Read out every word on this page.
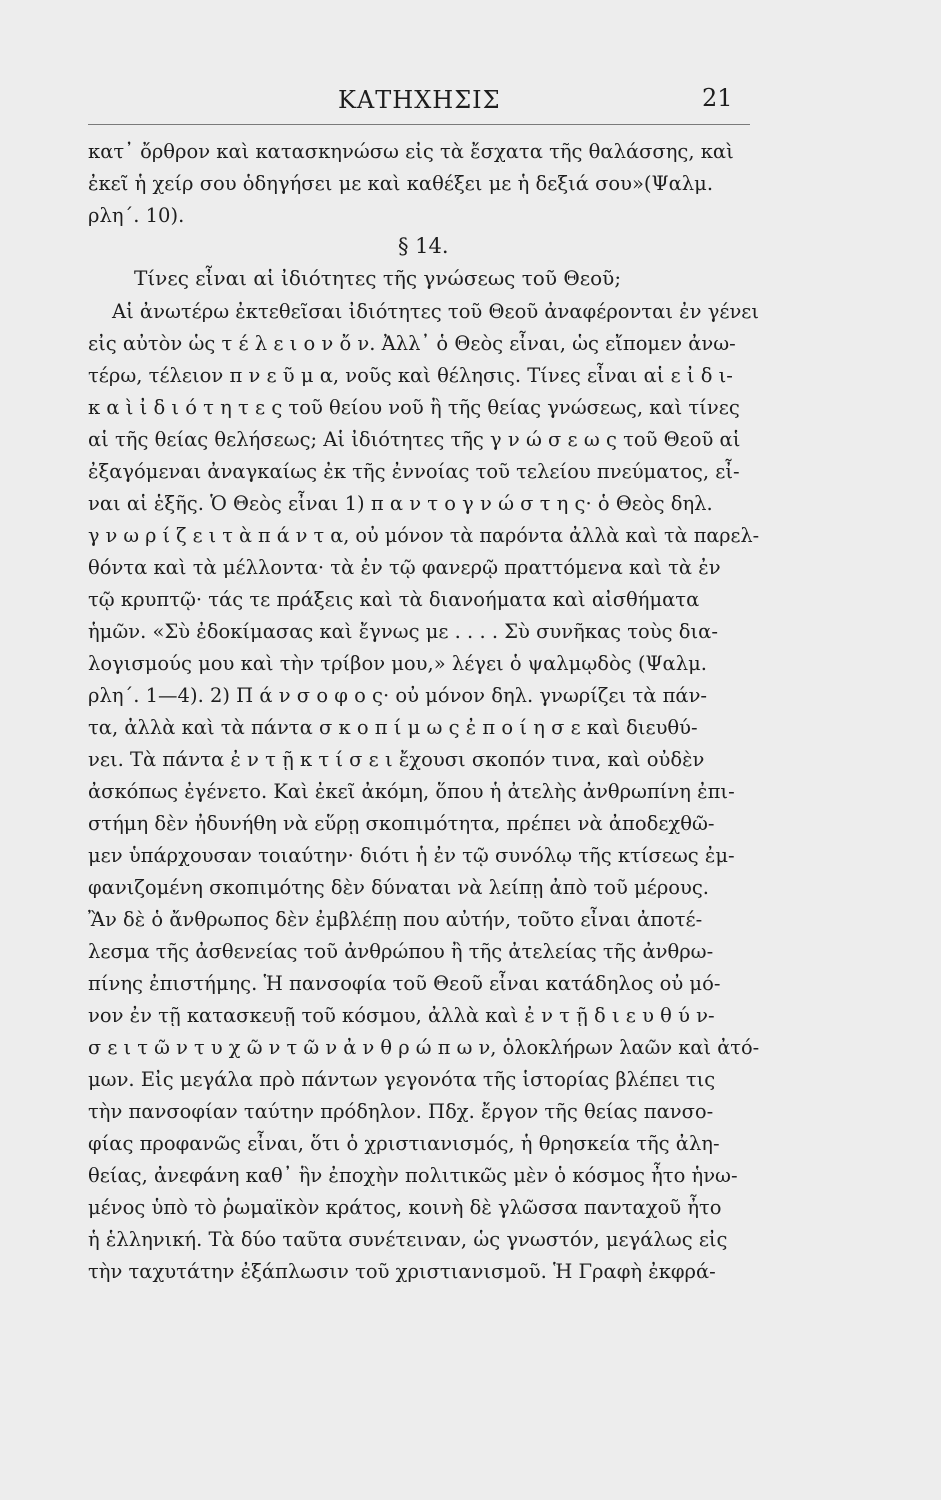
ΚΑΤΗΧΗΣΙΣ	21

κατ᾽ ὄρθρον καὶ κατασκηνώσω εἰς τὰ ἔσχατα τῆς θαλάσσης, καὶ

ἐκεῖ ἡ χείρ σου ὁδηγήσει με καὶ καθέξει με ἡ δεξιά σου»(Ψαλμ.

ρλη΄. 10).

§ 14.

Τίνες εἶναι αἱ ἰδιότητες τῆς γνώσεως τοῦ Θεοῦ;

Αἱ ἀνωτέρω ἐκτεθεῖσαι ἰδιότητες τοῦ Θεοῦ ἀναφέρονται ἐν γένει

εἰς αὐτὸν ὡς τ έ λ ε ι ο ν ὄ ν. Ἀλλ᾽ ὁ Θεὸς εἶναι, ὡς εἴπομεν ἀνω-

τέρω, τέλειον π ν ε ῦ μ α, νοῦς καὶ θέλησις. Τίνες εἶναι αἱ ε ἰ δ ι-

κ α ὶ ἰ δ ι ό τ η τ ε ς τοῦ θείου νοῦ ἢ τῆς θείας γνώσεως, καὶ τίνες

αἱ τῆς θείας θελήσεως; Αἱ ἰδιότητες τῆς γ ν ώ σ ε ω ς τοῦ Θεοῦ αἱ

ἐξαγόμεναι ἀναγκαίως ἐκ τῆς ἐννοίας τοῦ τελείου πνεύματος, εἶ-

ναι αἱ ἑξῆς. Ὁ Θεὸς εἶναι 1) π α ν τ ο γ ν ώ σ τ η ς· ὁ Θεὸς δηλ.

γ ν ω ρ ί ζ ε ι τ ὰ π ά ν τ α, οὐ μόνον τὰ παρόντα ἀλλὰ καὶ τὰ παρελ-

θόντα καὶ τὰ μέλλοντα· τὰ ἐν τῷ φανερῷ πραττόμενα καὶ τὰ ἐν

τῷ κρυπτῷ· τάς τε πράξεις καὶ τὰ διανοήματα καὶ αἰσθήματα

ἡμῶν. «Σὺ ἐδοκίμασας καὶ ἔγνως με . . . . Σὺ συνῆκας τοὺς δια-

λογισμούς μου καὶ τὴν τρίβον μου,» λέγει ὁ ψαλμῳδὸς (Ψαλμ.

ρλη΄. 1—4). 2) Π ά ν σ ο φ ο ς· οὐ μόνον δηλ. γνωρίζει τὰ πάν-

τα, ἀλλὰ καὶ τὰ πάντα σ κ ο π ί μ ω ς ἐ π ο ί η σ ε καὶ διευθύ-

νει. Τὰ πάντα ἐ ν τ ῇ κ τ ί σ ε ι ἔχουσι σκοπόν τινα, καὶ οὐδὲν

ἀσκόπως ἐγένετο. Καὶ ἐκεῖ ἀκόμη, ὅπου ἡ ἀτελὴς ἀνθρωπίνη ἐπι-

στήμη δὲν ἠδυνήθη νὰ εὕρῃ σκοπιμότητα, πρέπει νὰ ἀποδεχθῶ-

μεν ὑπάρχουσαν τοιαύτην· διότι ἡ ἐν τῷ συνόλῳ τῆς κτίσεως ἐμ-

φανιζομένη σκοπιμότης δὲν δύναται νὰ λείπῃ ἀπὸ τοῦ μέρους.

Ἂν δὲ ὁ ἄνθρωπος δὲν ἐμβλέπῃ που αὐτήν, τοῦτο εἶναι ἀποτέ-

λεσμα τῆς ἀσθενείας τοῦ ἀνθρώπου ἢ τῆς ἀτελείας τῆς ἀνθρω-

πίνης ἐπιστήμης. Ἡ πανσοφία τοῦ Θεοῦ εἶναι κατάδηλος οὐ μό-

νον ἐν τῇ κατασκευῇ τοῦ κόσμου, ἀλλὰ καὶ ἐ ν τ ῇ δ ι ε υ θ ύ ν-

σ ε ι τ ῶ ν τ υ χ ῶ ν τ ῶ ν ἀ ν θ ρ ώ π ω ν, ὁλοκλήρων λαῶν καὶ ἀτό-

μων. Εἰς μεγάλα πρὸ πάντων γεγονότα τῆς ἱστορίας βλέπει τις

τὴν πανσοφίαν ταύτην πρόδηλον. Πδχ. ἔργον τῆς θείας πανσο-

φίας προφανῶς εἶναι, ὅτι ὁ χριστιανισμός, ἡ θρησκεία τῆς ἀλη-

θείας, ἀνεφάνη καθ᾽ ἣν ἐποχὴν πολιτικῶς μὲν ὁ κόσμος ἦτο ἡνω-

μένος ὑπὸ τὸ ῥωμαϊκὸν κράτος, κοινὴ δὲ γλῶσσα πανταχοῦ ἦτο

ἡ ἑλληνική. Τὰ δύο ταῦτα συνέτειναν, ὡς γνωστόν, μεγάλως εἰς

τὴν ταχυτάτην ἐξάπλωσιν τοῦ χριστιανισμοῦ. Ἡ Γραφὴ ἐκφρά-
